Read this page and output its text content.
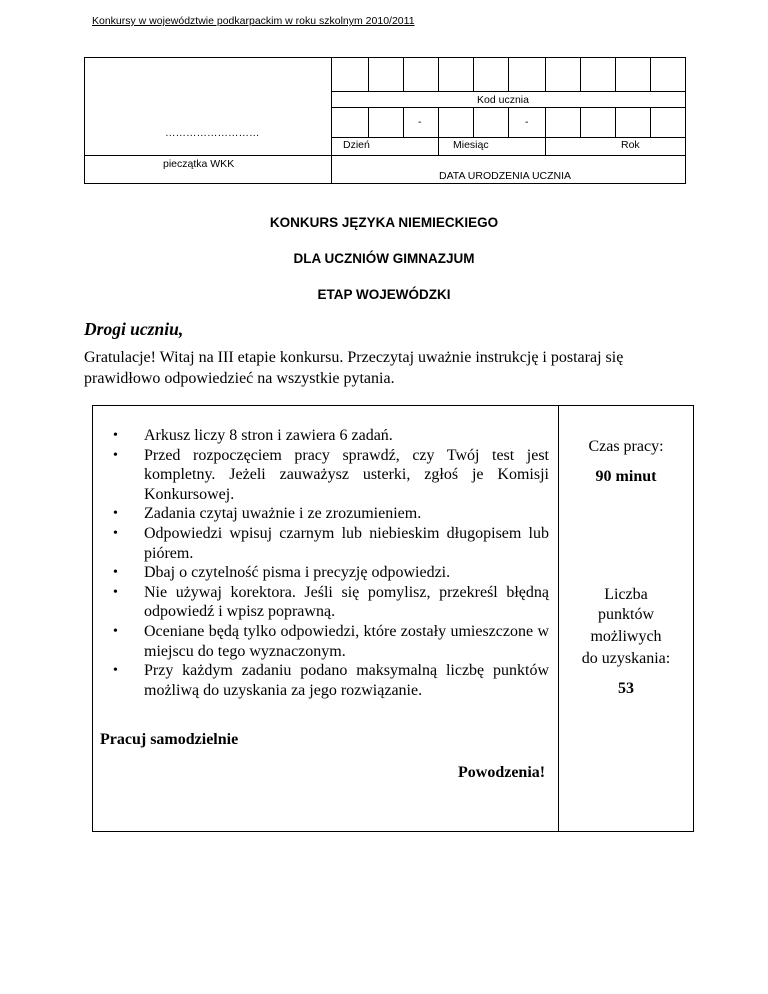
Konkursy w województwie podkarpackim w roku szkolnym 2010/2011
………………………
pieczątka WKK
Kod ucznia
-	-
Dzień	Miesiąc	Rok
DATA URODZENIA UCZNIA
KONKURS JĘZYKA NIEMIECKIEGO
DLA UCZNIÓW GIMNAZJUM
ETAP WOJEWÓDZKI
Drogi uczniu,
Gratulacje! Witaj na III etapie konkursu. Przeczytaj uważnie instrukcję i postaraj się prawidłowo odpowiedzieć na wszystkie pytania.
• Arkusz liczy 8 stron i zawiera 6 zadań.
• Przed rozpoczęciem pracy sprawdź, czy Twój test jest kompletny. Jeżeli zauważysz usterki, zgłoś je Komisji Konkursowej.
• Zadania czytaj uważnie i ze zrozumieniem.
• Odpowiedzi wpisuj czarnym lub niebieskim długopisem lub piórem.
• Dbaj o czytelność pisma i precyzję odpowiedzi.
• Nie używaj korektora. Jeśli się pomylisz, przekreśl błędną odpowiedź i wpisz poprawną.
• Oceniane będą tylko odpowiedzi, które zostały umieszczone w miejscu do tego wyznaczonym.
• Przy każdym zadaniu podano maksymalną liczbę punktów możliwą do uzyskania za jego rozwiązanie.
Pracuj samodzielnie
Powodzenia!
Czas pracy:
90 minut
Liczba
punktów
możliwych
do uzyskania:
53
